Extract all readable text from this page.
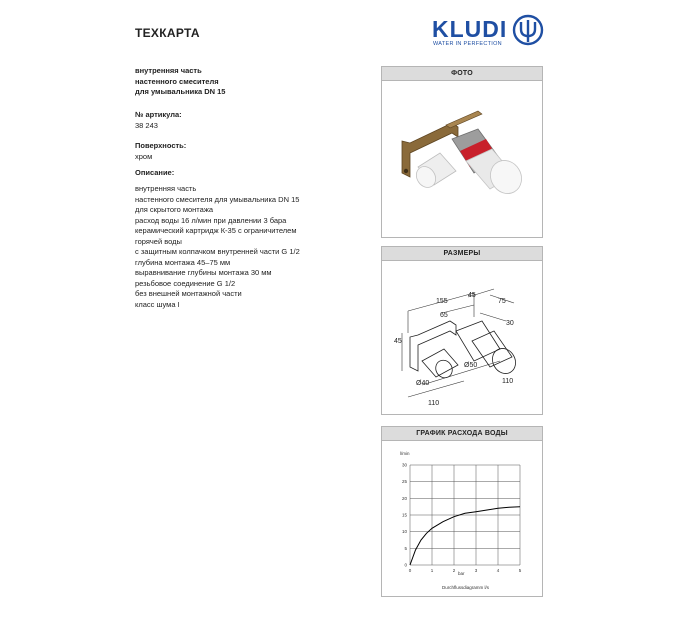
ТЕХКАРТА	KLUDI
WATER IN PERFECTION
внутренняя часть
настенного смесителя
для умывальника DN 15
№ артикула:
38 243
Поверхность:
хром
Описание:
внутренняя часть
настенного смесителя для умывальника DN 15
для скрытого монтажа
расход воды 16 л/мин при давлении 3 бара
керамический картридж К-35 с ограничителем
горячей воды
с защитным колпачком внутренней части G 1/2
глубина монтажа 45–75 мм
выравнивание глубины монтажа 30 мм
резьбовое соединение G 1/2
без внешней монтажной части
класс шума I
ФОТО
РАЗМЕРЫ
155
45
75
65
30
45
Ø50
Ø40	110
110
ГРАФИК РАСХОДА ВОДЫ
l/min
bar
Durchflussdiagramm l/s
0	1	2	3	4	5
0
5
10
15
20
25
30
